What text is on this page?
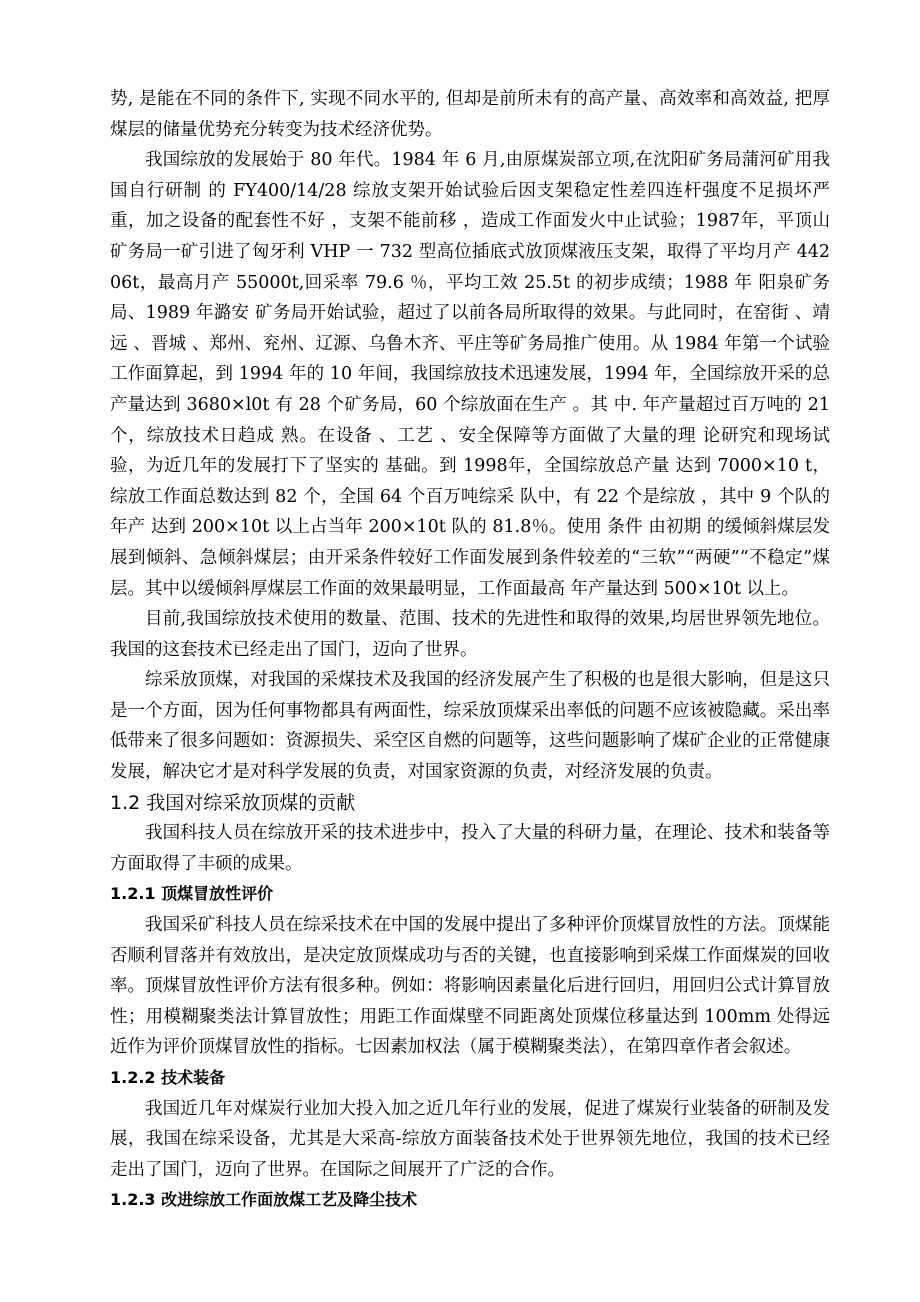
势, 是能在不同的条件下, 实现不同水平的, 但却是前所未有的高产量、高效率和高效益, 把厚煤层的储量优势充分转变为技术经济优势。

我国综放的发展始于 80 年代。1984 年 6 月,由原煤炭部立项,在沈阳矿务局蒲河矿用我 国自行研制 的 FY400/14/28 综放支架开始试验后因支架稳定性差四连杆强度不足损坏严重，加之设备的配套性不好 ，支架不能前移 ，造成工作面发火中止试验；1987年，平顶山矿务局一矿引进了匈牙利 VHP 一 732 型高位插底式放顶煤液压支架，取得了平均月产 44206t，最高月产 55000t,回采率 79.6 ％，平均工效 25.5t 的初步成绩；1988 年 阳泉矿务局、1989 年潞安 矿务局开始试验，超过了以前各局所取得的效果。与此同时，在窑街 、靖 远 、晋城 、郑州、兖州、辽源、乌鲁木齐、平庄等矿务局推广使用。从 1984 年第一个试验工作面算起，到 1994 年的 10 年间，我国综放技术迅速发展，1994 年，全国综放开采的总产量达到 3680×l0t 有 28 个矿务局，60 个综放面在生产 。其 中. 年产量超过百万吨的 21 个，综放技术日趋成 熟。在设备 、工艺 、安全保障等方面做了大量的理 论研究和现场试验，为近几年的发展打下了坚实的 基础。到 1998年，全国综放总产量 达到 7000×10 t，综放工作面总数达到 82 个，全国 64 个百万吨综采 队中，有 22 个是综放 ，其中 9 个队的年产 达到 200×10t 以上占当年 200×10t 队的 81.8％。使用 条件 由初期 的缓倾斜煤层发展到倾斜、急倾斜煤层；由开采条件较好工作面发展到条件较差的“三软”“两硬”“不稳定”煤层。其中以缓倾斜厚煤层工作面的效果最明显，工作面最高 年产量达到 500×10t 以上。

目前,我国综放技术使用的数量、范围、技术的先进性和取得的效果,均居世界领先地位。我国的这套技术已经走出了国门，迈向了世界。

综采放顶煤，对我国的采煤技术及我国的经济发展产生了积极的也是很大影响，但是这只是一个方面，因为任何事物都具有两面性，综采放顶煤采出率低的问题不应该被隐藏。采出率低带来了很多问题如：资源损失、采空区自燃的问题等，这些问题影响了煤矿企业的正常健康发展，解决它才是对科学发展的负责，对国家资源的负责，对经济发展的负责。

1.2 我国对综采放顶煤的贡献

我国科技人员在综放开采的技术进步中，投入了大量的科研力量，在理论、技术和装备等方面取得了丰硕的成果。

1.2.1 顶煤冒放性评价

我国采矿科技人员在综采技术在中国的发展中提出了多种评价顶煤冒放性的方法。顶煤能否顺利冒落并有效放出，是决定放顶煤成功与否的关键，也直接影响到采煤工作面煤炭的回收率。顶煤冒放性评价方法有很多种。例如：将影响因素量化后进行回归，用回归公式计算冒放性；用模糊聚类法计算冒放性；用距工作面煤壁不同距离处顶煤位移量达到 100mm 处得远近作为评价顶煤冒放性的指标。七因素加权法（属于模糊聚类法），在第四章作者会叙述。

1.2.2 技术装备

我国近几年对煤炭行业加大投入加之近几年行业的发展，促进了煤炭行业装备的研制及发展，我国在综采设备，尤其是大采高-综放方面装备技术处于世界领先地位，我国的技术已经走出了国门，迈向了世界。在国际之间展开了广泛的合作。

1.2.3 改进综放工作面放煤工艺及降尘技术
